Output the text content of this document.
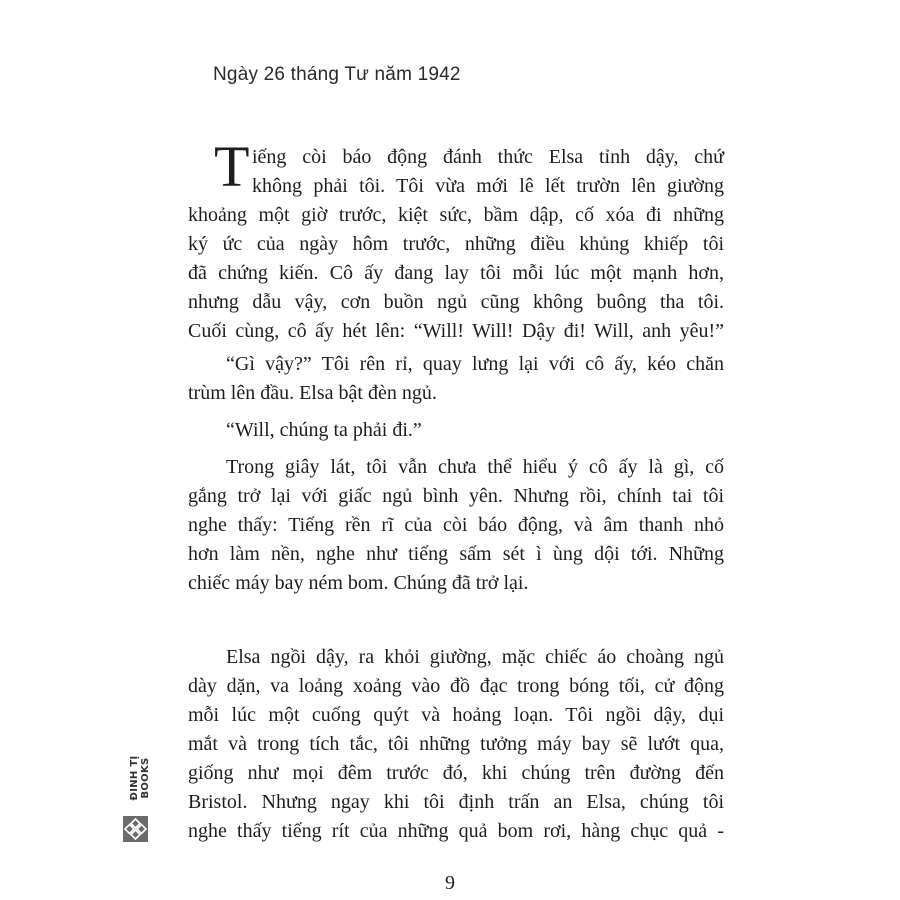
Ngày 26 tháng Tư năm 1942
T iếng còi báo động đánh thức Elsa tỉnh dậy, chứ
không phải tôi. Tôi vừa mới lê lết trườn lên giường
khoảng một giờ trước, kiệt sức, bầm dập, cố xóa đi những
ký ức của ngày hôm trước, những điều khủng khiếp tôi
đã chứng kiến. Cô ấy đang lay tôi mỗi lúc một mạnh hơn,
nhưng dẫu vậy, cơn buồn ngủ cũng không buông tha tôi.
Cuối cùng, cô ấy hét lên: “Will! Will! Dậy đi! Will, anh yêu!”
“Gì vậy?” Tôi rên rỉ, quay lưng lại với cô ấy, kéo chăn
trùm lên đầu. Elsa bật đèn ngủ.
“Will, chúng ta phải đi.”
Trong giây lát, tôi vẫn chưa thể hiểu ý cô ấy là gì, cố
gắng trở lại với giấc ngủ bình yên. Nhưng rồi, chính tai tôi
nghe thấy: Tiếng rền rĩ của còi báo động, và âm thanh nhỏ
hơn làm nền, nghe như tiếng sấm sét ì ùng dội tới. Những
chiếc máy bay ném bom. Chúng đã trở lại.
Elsa ngồi dậy, ra khỏi giường, mặc chiếc áo choàng ngủ
dày dặn, va loảng xoảng vào đồ đạc trong bóng tối, cử động
mỗi lúc một cuống quýt và hoảng loạn. Tôi ngồi dậy, dụi
mắt và trong tích tắc, tôi những tưởng máy bay sẽ lướt qua,
giống như mọi đêm trước đó, khi chúng trên đường đến
Bristol. Nhưng ngay khi tôi định trấn an Elsa, chúng tôi
nghe thấy tiếng rít của những quả bom rơi, hàng chục quả -
ĐINH TỊ BOOKS
9
